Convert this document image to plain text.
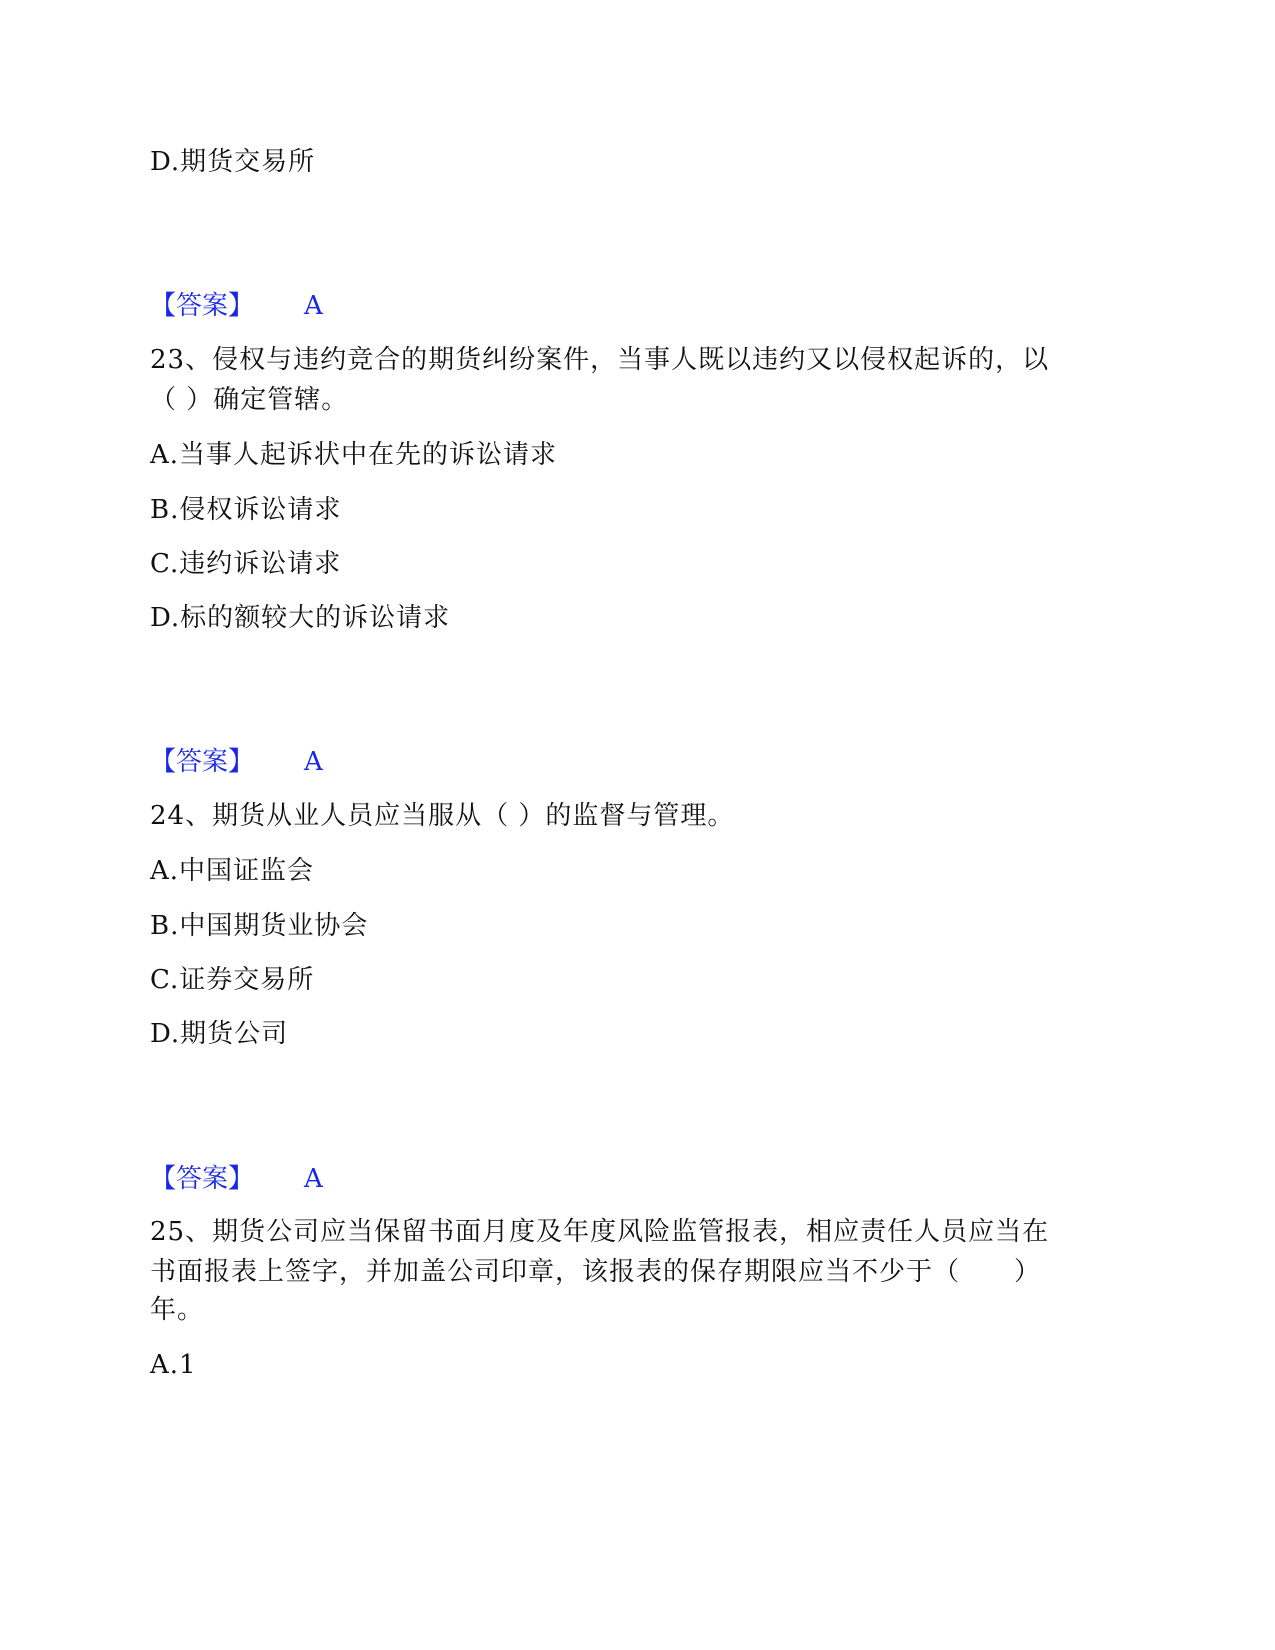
D.期货交易所
【答案】 A
23、侵权与违约竞合的期货纠纷案件，当事人既以违约又以侵权起诉的，以
（ ）确定管辖。
A.当事人起诉状中在先的诉讼请求
B.侵权诉讼请求
C.违约诉讼请求
D.标的额较大的诉讼请求
【答案】 A
24、期货从业人员应当服从（ ）的监督与管理。
A.中国证监会
B.中国期货业协会
C.证券交易所
D.期货公司
【答案】 A
25、期货公司应当保留书面月度及年度风险监管报表，相应责任人员应当在
书面报表上签字，并加盖公司印章，该报表的保存期限应当不少于（　　）
年。
A.1
